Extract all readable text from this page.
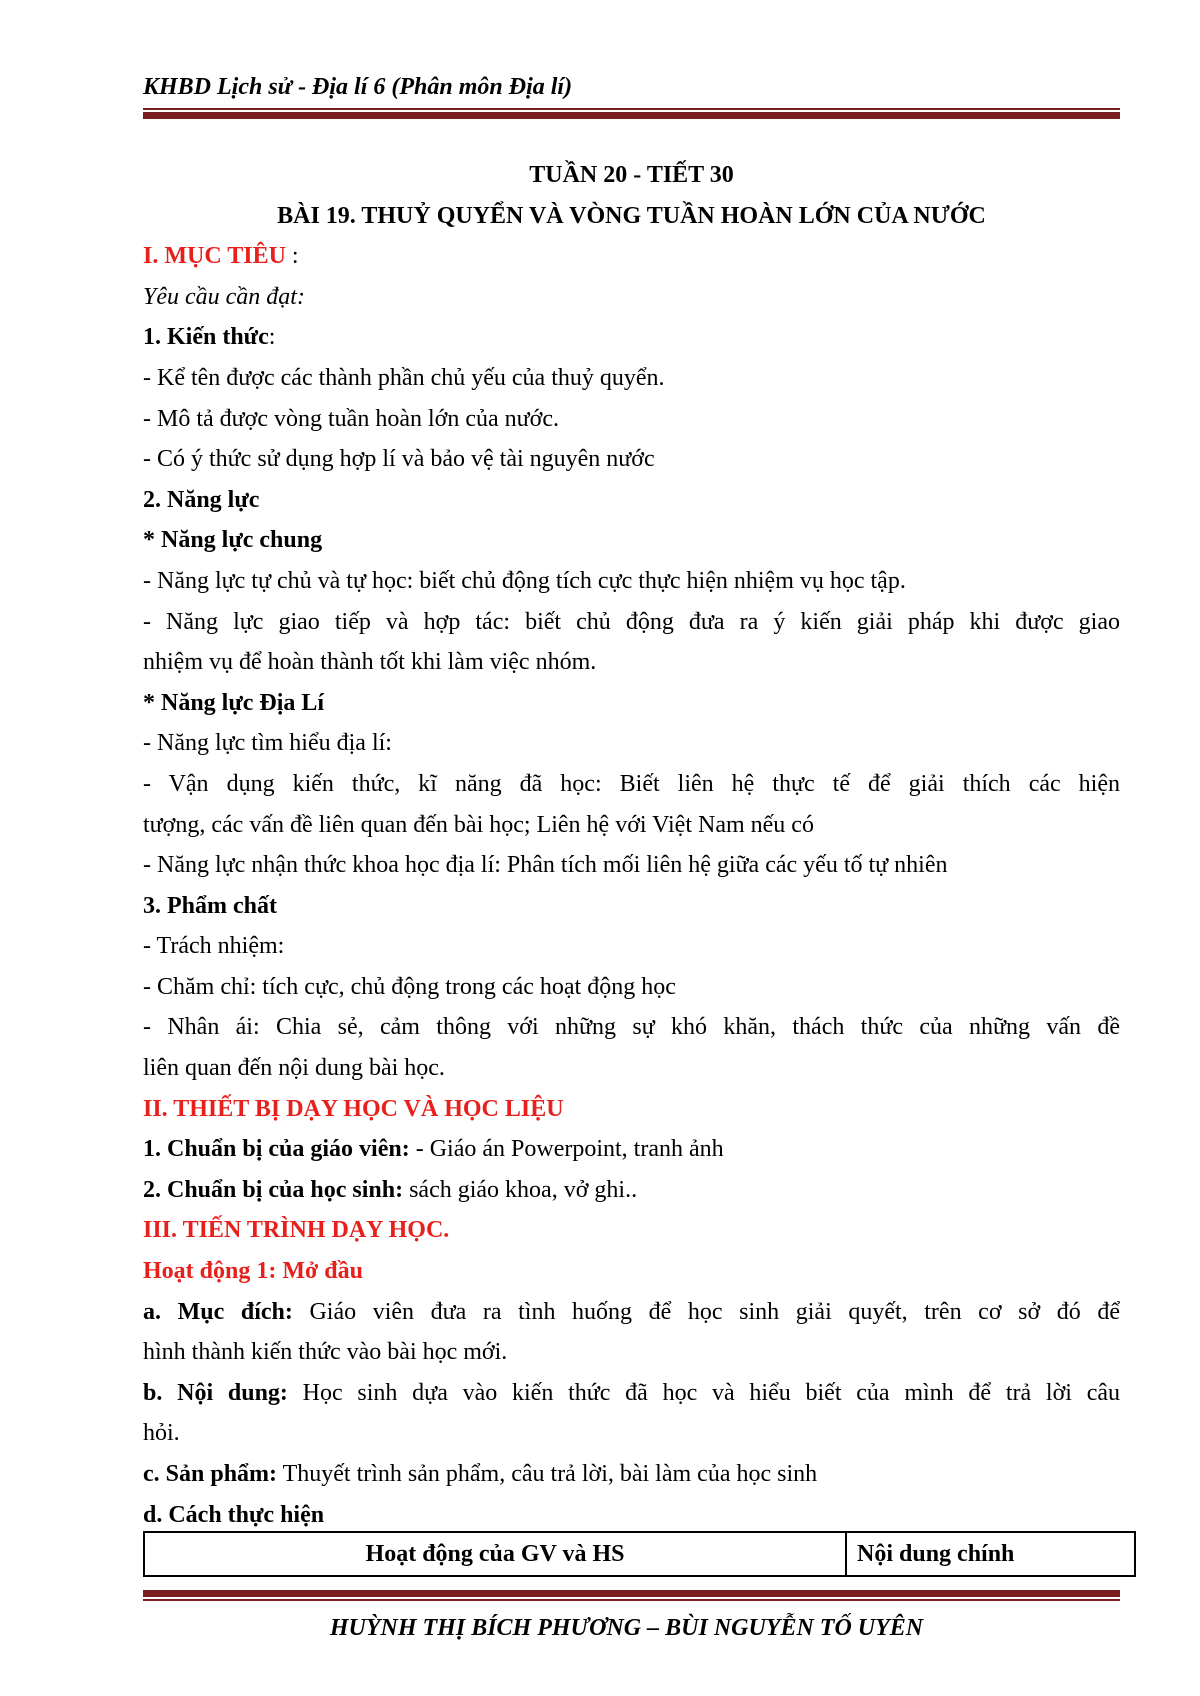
KHBD Lịch sử - Địa lí 6 (Phân môn Địa lí)
TUẦN 20 - TIẾT 30
BÀI 19. THUỶ QUYỂN VÀ VÒNG TUẦN HOÀN LỚN CỦA NƯỚC
I. MỤC TIÊU :
Yêu cầu cần đạt:
1. Kiến thức:
- Kể tên được các thành phần chủ yếu của thuỷ quyển.
- Mô tả được vòng tuần hoàn lớn của nước.
- Có ý thức sử dụng hợp lí và bảo vệ tài nguyên nước
2. Năng lực
* Năng lực chung
- Năng lực tự chủ và tự học: biết chủ động tích cực thực hiện nhiệm vụ học tập.
- Năng lực giao tiếp và hợp tác: biết chủ động đưa ra ý kiến giải pháp khi được giao
nhiệm vụ để hoàn thành tốt khi làm việc nhóm.
* Năng lực Địa Lí
- Năng lực tìm hiểu địa lí:
- Vận dụng kiến thức, kĩ năng đã học: Biết liên hệ thực tế để giải thích các hiện
tượng, các vấn đề liên quan đến bài học; Liên hệ với Việt Nam nếu có
- Năng lực nhận thức khoa học địa lí: Phân tích mối liên hệ giữa các yếu tố tự nhiên
3. Phẩm chất
- Trách nhiệm:
- Chăm chỉ: tích cực, chủ động trong các hoạt động học
- Nhân ái: Chia sẻ, cảm thông với những sự khó khăn, thách thức của những vấn đề
liên quan đến nội dung bài học.
II. THIẾT BỊ DẠY HỌC VÀ HỌC LIỆU
1. Chuẩn bị của giáo viên: - Giáo án Powerpoint, tranh ảnh
2. Chuẩn bị của học sinh: sách giáo khoa, vở ghi..
III. TIẾN TRÌNH DẠY HỌC.
Hoạt động 1: Mở đầu
a. Mục đích: Giáo viên đưa ra tình huống để học sinh giải quyết, trên cơ sở đó để
hình thành kiến thức vào bài học mới.
b. Nội dung: Học sinh dựa vào kiến thức đã học và hiểu biết của mình để trả lời câu
hỏi.
c. Sản phẩm: Thuyết trình sản phẩm, câu trả lời, bài làm của học sinh
d. Cách thực hiện
Hoạt động của GV và HS	Nội dung chính
HUỲNH THỊ BÍCH PHƯƠNG – BÙI NGUYỄN TỐ UYÊN
